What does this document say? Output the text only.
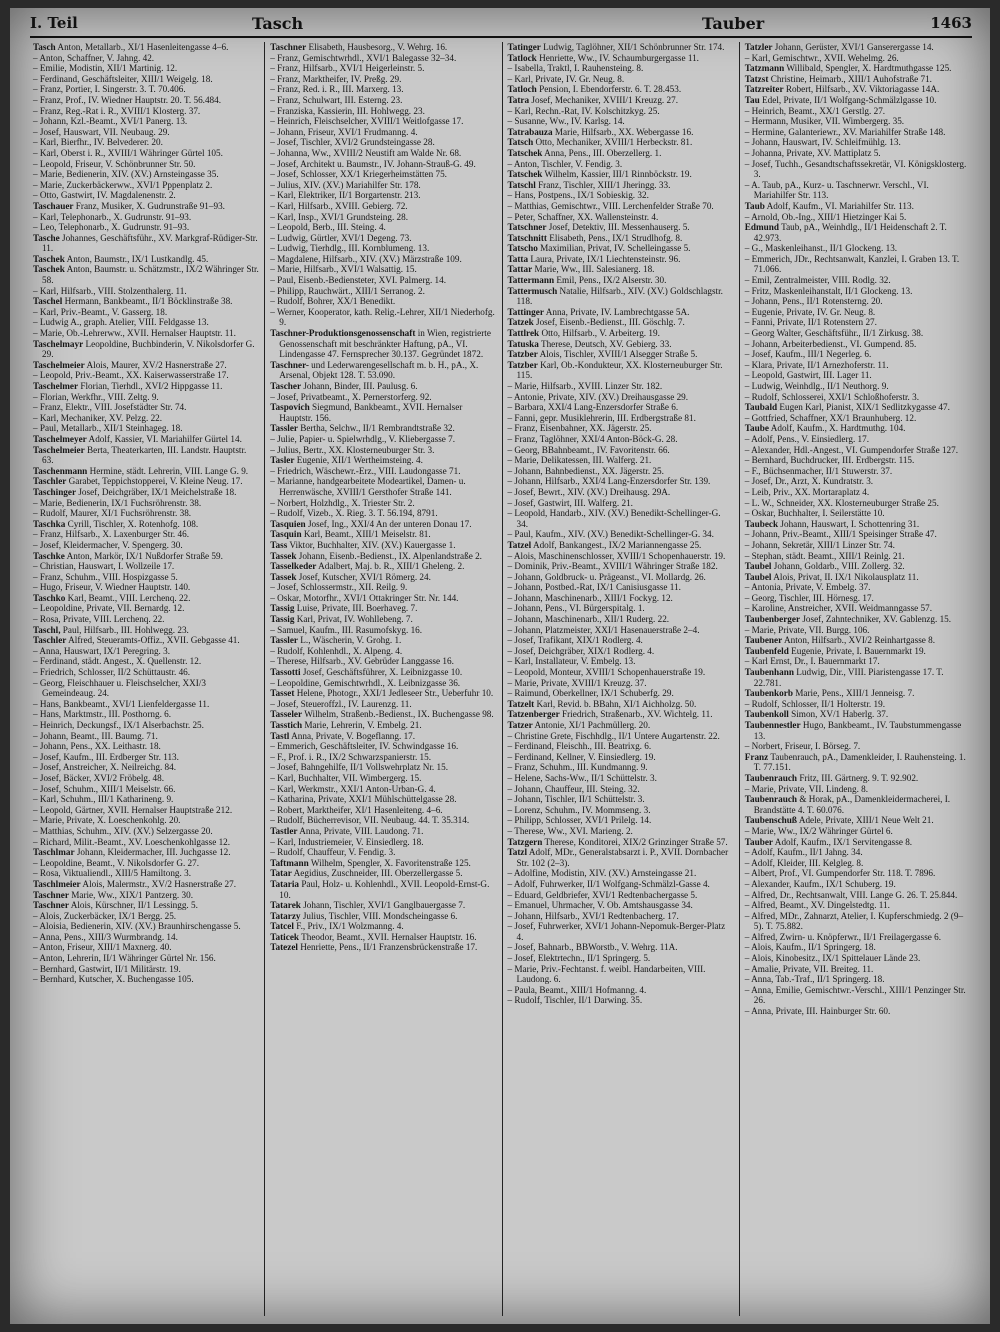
I. Teil	Tasch	Tauber	1463

Tasch Anton, Metallarb., XI/1 Hasenleitengasse 4–6.

– Anton, Schaffner, V. Jahng. 42.

– Emilie, Modistin, XII/1 Martinig. 12.

– Ferdinand, Geschäftsleiter, XIII/1 Weigelg. 18.

– Franz, Portier, I. Singerstr. 3. T. 70.406.

– Franz, Prof., IV. Wiedner Hauptstr. 20. T. 56.484.

– Franz, Reg.-Rat i. R., XVIII/1 Klosterg. 37.

– Johann, Kzl.-Beamt., XVI/1 Panerg. 13.

– Josef, Hauswart, VII. Neubaug. 29.

– Karl, Bierfhr., IV. Belvederег. 20.

– Karl, Oberst i. R., XVIII/1 Währinger Gürtel 105.

– Leopold, Friseur, V. Schönbrunner Str. 50.

– Marie, Bedienerin, XIV. (XV.) Arnsteingasse 35.

– Marie, Zuckerbäckerww., XVI/1 Pppenplatz 2.

– Otto, Gastwirt, IV. Magdalenenstr. 2.

Taschauer Franz, Musiker, X. Gudrunstraße 91–93.

– Karl, Telephonarb., X. Gudrunstr. 91–93.

– Leo, Telephonarb., X. Gudrunstr. 91–93.

Tasche Johannes, Geschäftsführ., XV. Markgraf-Rüdiger-Str. 11.

Taschek Anton, Baumstr., IX/1 Lustkandlg. 45.

Taschek Anton, Baumstr. u. Schätzmstr., IX/2 Währinger Str. 58.

– Karl, Hilfsarb., VIII. Stolzenthalerg. 11.

Taschel Hermann, Bankbeamt., II/1 Böcklinstraße 38.

– Karl, Priv.-Beamt., V. Gasserg. 18.

– Ludwig A., graph. Atelier, VIII. Feldgasse 13.

– Marie, Ob.-Lehrerww., XVII. Hernalser Hauptstr. 11.

Taschelmayr Leopoldine, Buchbinderin, V. Nikolsdorfer G. 29.

Taschelmeier Alois, Maurer, XV/2 Hasnerstraße 27.

– Leopold, Priv.-Beamt., XX. Kaiserwasserstraße 17.

Taschelmer Florian, Tierhdl., XVI/2 Hippgasse 11.

– Florian, Werkfhr., VIII. Zeltg. 9.

– Franz, Elektr., VIII. Josefstädter Str. 74.

– Karl, Mechaniker, XV. Pelzg. 22.

– Paul, Metallarb., XII/1 Steinhageg. 18.

Taschelmeyer Adolf, Kassier, VI. Mariahilfer Gürtel 14.

Taschelmeier Berta, Theaterkarten, III. Landstr. Hauptstr. 63.

Taschenmann Hermine, städt. Lehrerin, VIII. Lange G. 9.

Taschler Garabet, Teppichstopperei, V. Kleine Neug. 17.

Taschinger Josef, Deichgräber, IX/1 Meichelstraße 18.

– Marie, Bedienerin, IX/1 Fuchsröhrenstr. 38.

– Rudolf, Maurer, XI/1 Fuchsröhrenstr. 38.

Taschka Cyrill, Tischler, X. Rotenhofg. 108.

– Franz, Hilfsarb., X. Laxenburger Str. 46.

– Josef, Kleidermacher, V. Spengerg. 30.

Taschke Anton, Markör, IX/1 Nußdorfer Straße 59.

– Christian, Hauswart, I. Wollzeile 17.

– Franz, Schuhm., VIII. Hospizgasse 5.

– Hugo, Friseur, V. Wiedner Hauptstr. 140.

Taschko Karl, Beamt., VIII. Lerchenq. 22.

– Leopoldine, Private, VII. Bernardg. 12.

– Rosa, Private, VIII. Lerchenq. 22.

Taschl, Paul, Hilfsarb., III. Hohlwegg. 23.

Taschler Alfred, Steueramts-Offiz., XVII. Gebgasse 41.

– Anna, Hauswart, IX/1 Peregring. 3.

– Ferdinand, städt. Angest., X. Quellenstr. 12.

– Friedrich, Schlosser, II/2 Schüttaustr. 46.

– Georg, Fleischhauer u. Fleischselcher, XXI/3 Gemeindeaug. 24.

– Hans, Bankbeamt., XVI/1 Lienfeldergasse 11.

– Hans, Marktmstr., III. Posthorng. 6.

– Heinrich, Deckungsf., IX/1 Alserbachstr. 25.

– Johann, Beamt., III. Baumg. 71.

– Johann, Pens., XX. Leithastr. 18.

– Josef, Kaufm., III. Erdberger Str. 113.

– Josef, Anstreicher, X. Neilreichg. 84.

– Josef, Bäcker, XVI/2 Fröbelg. 48.

– Josef, Schuhm., XIII/1 Meiselstr. 66.

– Karl, Schuhm., III/1 Katharineng. 9.

– Leopold, Gärtner, XVII. Hernalser Hauptstraße 212.

– Marie, Private, X. Loeschenkohlg. 20.

– Matthias, Schuhm., XIV. (XV.) Selzergasse 20.

– Richard, Milit.-Beamt., XV. Loeschenkohlgasse 12.

Taschlmar Johann, Kleidermacher, III. Juchgasse 12.

– Leopoldine, Beamt., V. Nikolsdorfer G. 27.

– Rosa, Viktualiendl., XIII/5 Hamiltong. 3.

Taschlmeier Alois, Malermstr., XV/2 Hasnerstraße 27.

Taschner Marie, Ww., XIX/1 Pantzerg. 30.

Taschner Alois, Kürschner, II/1 Lessingg. 5.

– Alois, Zuckerbäcker, IX/1 Bergg. 25.

– Aloisia, Bedienerin, XIV. (XV.) Braunhirschengasse 5.

– Anna, Pens., XIII/3 Wurmbrandg. 14.

– Anton, Friseur, XIII/1 Maxnerg. 40.

– Anton, Lehrerin, II/1 Währinger Gürtel Nr. 156.

– Bernhard, Gastwirt, II/1 Militärstr. 19.

– Bernhard, Kutscher, X. Buchengasse 105.

Taschner Elisabeth, Hausbesorg., V. Wehrg. 16.

– Franz, Gemischtwrhdl., XVI/1 Balegasse 32–34.

– Franz, Hilfsarb., XVI/1 Heigerleinstr. 5.

– Franz, Marktheifer, IV. Preßg. 29.

– Franz, Red. i. R., III. Marxerg. 13.

– Franz, Schulwart, III. Esterng. 23.

– Franziska, Kassierin, III. Hohlwegg. 23.

– Heinrich, Fleischselcher, XVIII/1 Weitlofgasse 17.

– Johann, Friseur, XVI/1 Frudmanng. 4.

– Josef, Tischler, XVI/2 Grundsteingasse 28.

– Johanna, Ww., XVIII/2 Neustift am Walde Nr. 68.

– Josef, Architekt u. Baumstr., IV. Johann-Strauß-G. 49.

– Josef, Schlosser, XX/1 Kriegerheimstätten 75.

– Julius, XIV. (XV.) Mariahilfer Str. 178.

– Karl, Elektriker, II/1 Borgartenstr. 213.

– Karl, Hilfsarb., XVIII. Gebierg. 72.

– Karl, Insp., XVI/1 Grundsteing. 28.

– Leopold, Berb., III. Steing. 4.

– Ludwig, Gürtler, XVI/1 Degeng. 73.

– Ludwig, Tierhdlg., III. Kornblumeng. 13.

– Magdalene, Hilfsarb., XIV. (XV.) Märzstraße 109.

– Marie, Hilfsarb., XVI/1 Walsattig. 15.

– Paul, Eisenb.-Bediensteter, XVI. Palmerg. 14.

– Philipp, Rauchwärt., XIII/1 Serranog. 2.

– Rudolf, Bohrer, XX/1 Benedikt.

– Werner, Kooperator, kath. Relig.-Lehrer, XII/1 Niederhofg. 9.

Taschner-Produktionsgenossenschaft in Wien, registrierte Genossenschaft mit beschränkter Haftung, pA., VI. Lindengasse 47. Fernsprecher 30.137. Gegründet 1872.

Taschner- und Lederwarengesellschaft m. b. H., pA., X. Arsenal, Objekt 128. T. 53.090.

Tascher Johann, Binder, III. Paulusg. 6.

– Josef, Privatbeamt., X. Pernerstorferg. 92.

Taspovich Siegmund, Bankbeamt., XVII. Hernalser Hauptstr. 156.

Tassler Bertha, Selchw., II/1 Rembrandtstraße 32.

– Julie, Papier- u. Spielwrhdlg., V. Kliebergasse 7.

– Julius, Bertr., XX. Klosterneuburger Str. 3.

Tasler Eugenie, XII/1 Wertheimsteing. 4.

– Friedrich, Wäschewr.-Erz., VIII. Laudongasse 71.

– Marianne, handgearbeitete Modeartikel, Damen- u. Herrenwäsche, XVIII/1 Gersthofer Straße 141.

– Norbert, Holzhdlg., X. Triester Str. 2.

– Rudolf, Vizeb., X. Rieg. 3. T. 56.194, 8791.

Tasquien Josef, Ing., XXI/4 An der unteren Donau 17.

Tasquin Karl, Beamt., XIII/1 Meiselstr. 81.

Tass Viktor, Buchhalter, XIV. (XV.) Kauergasse 1.

Tassek Johann, Eisenb.-Bedienst., IX. Alpenlandstraße 2.

Tasselkeder Adalbert, Maj. b. R., XIII/1 Gheleng. 2.

Tassek Josef, Kutscher, XVI/1 Römerg. 24.

– Josef, Schlossermstr., XII. Reilg. 9.

– Oskar, Motorfhr., XVI/1 Ottakringer Str. Nr. 144.

Tassig Luise, Private, III. Boerhaveg. 7.

Tassig Karl, Privat, IV. Wohllebeng. 7.

– Samuel, Kaufm., III. Rasumofskyg. 16.

Tassler L., Wäscherin, V. Grohg. 1.

– Rudolf, Kohlenhdl., X. Alpeng. 4.

– Therese, Hilfsarb., XV. Gebrüder Langgasse 16.

Tassotti Josef, Geschäftsführer, X. Leibnizgasse 10.

– Leopoldine, Gemischtwrhdl., X. Leibnizgasse 36.

Tasset Helene, Photogr., XXI/1 Jedleseer Str., Ueberfuhr 10.

– Josef, Steueroffzl., IV. Laurenzg. 11.

Tasseler Wilhelm, Straßenb.-Bedienst., IX. Buchengasse 98.

Tasstich Marie, Lehrerin, V. Embelg. 21.

Tastl Anna, Private, V. Bogeflanng. 17.

– Emmerich, Geschäftsleiter, IV. Schwindgasse 16.

– F., Prof. i. R., IX/2 Schwarzspanierstr. 15.

– Josef, Bahngehilfe, II/1 Vollswehrplatz Nr. 15.

– Karl, Buchhalter, VII. Wimbergerg. 15.

– Karl, Werkmstr., XXI/1 Anton-Urban-G. 4.

– Katharina, Private, XXI/1 Mühlschüttelgasse 28.

– Robert, Marktheifer, XI/1 Hasenleiteng. 4–6.

– Rudolf, Bücherrevisor, VII. Neubaug. 44. T. 35.314.

Tastler Anna, Private, VIII. Laudong. 71.

– Karl, Industriemeier, V. Einsiedlerg. 18.

– Rudolf, Chauffeur, V. Fendig. 3.

Taftmann Wilhelm, Spengler, X. Favoritenstraße 125.

Tatar Aegidius, Zuschneider, III. Oberzellergasse 5.

Tataria Paul, Holz- u. Kohlenhdl., XVII. Leopold-Ernst-G. 10.

Tatarek Johann, Tischler, XVI/1 Ganglbauergasse 7.

Tatarzy Julius, Tischler, VIII. Mondscheingasse 6.

Tatcel F., Priv., IX/1 Wolzmanng. 4.

Taticek Theodor, Beamt., XVII. Hernalser Hauptstr. 16.

Tatezel Henriette, Pens., II/1 Franzensbrückenstraße 17.

Tatinger Ludwig, Taglöhner, XII/1 Schönbrunner Str. 174.

Tatlock Henriette, Ww., IV. Schaumburgergasse 11.

– Isabella, Traktl, I. Rauhensteing. 8.

– Karl, Private, IV. Gr. Neug. 8.

Tatloch Pension, I. Ebendorferstr. 6. T. 28.453.

Tatra Josef, Mechaniker, XVIII/1 Kreuzg. 27.

– Karl, Rechn.-Rat, IV. Kolschitzkyg. 25.

– Susanne, Ww., IV. Karlsg. 14.

Tatrabauza Marie, Hilfsarb., XX. Webergasse 16.

Tatsch Otto, Mechaniker, XVIII/1 Herbeckstr. 81.

Tatschek Anna, Pens., III. Oberzellerg. 1.

– Anton, Tischler, V. Fendig. 3.

Tatschek Wilhelm, Kassier, III/1 Rinnböckstr. 19.

Tatschl Franz, Tischler, XIII/1 Jheringg. 33.

– Hans, Postpens., IX/1 Sobieskig. 32.

– Matthias, Gemischtwr., VIII. Lerchenfelder Straße 70.

– Peter, Schaffner, XX. Wallensteinstr. 4.

Tatschner Josef, Detektiv, III. Messenhauserg. 5.

Tatschnitt Elisabeth, Pens., IX/1 Strudlhofg. 8.

Tatscho Maximilian, Privat, IV. Schelleingasse 5.

Tatta Laura, Private, IX/1 Liechtensteinstr. 96.

Tattar Marie, Ww., III. Salesianerg. 18.

Tattermann Emil, Pens., IX/2 Alserstr. 30.

Tattermusch Natalie, Hilfsarb., XIV. (XV.) Goldschlagstr. 118.

Tattinger Anna, Private, IV. Lambrechtgasse 5A.

Tatzek Josef, Eisenb.-Bedienst., III. Göschlg. 7.

Tattlrek Otto, Hilfsarb., V. Arbeiterg. 19.

Tatuska Therese, Deutsch, XV. Gebierg. 33.

Tatzber Alois, Tischler, XVIII/1 Alsegger Straße 5.

Tatzber Karl, Ob.-Kondukteur, XX. Klosterneuburger Str. 115.

– Marie, Hilfsarb., XVIII. Linzer Str. 182.

– Antonie, Private, XIV. (XV.) Dreihausgasse 29.

– Barbara, XXI/4 Lang-Enzersdorfer Straße 6.

– Fanni, gepr. Musiklehrerin, III. Erdbergstraße 81.

– Franz, Eisenbahner, XX. Jägerstr. 25.

– Franz, Taglöhner, XXI/4 Anton-Böck-G. 28.

– Georg, BBahnbeamt., IV. Favoritenstr. 66.

– Marie, Delikatessen, III. Walferg. 21.

– Johann, Bahnbedienst., XX. Jägerstr. 25.

– Johann, Hilfsarb., XXI/4 Lang-Enzersdorfer Str. 139.

– Josef, Bewrt., XIV. (XV.) Dreihausg. 29A.

– Josef, Gastwirt, III. Walferg. 21.

– Leopold, Handarb., XIV. (XV.) Benedikt-Schellinger-G. 34.

– Paul, Kaufm., XIV. (XV.) Benedikt-Schellinger-G. 34.

Tatzel Adolf, Bankangest., IX/2 Mariannengasse 25.

– Alois, Maschinenschlosser, XVIII/1 Schopenhauerstr. 19.

– Dominik, Priv.-Beamt., XVIII/1 Währinger Straße 182.

– Johann, Goldbruck- u. Prägeanst., VI. Mollardg. 26.

– Johann, Postbed.-Rat, IX/1 Canisiusgasse 11.

– Johann, Maschinenarb., XIII/1 Fockyg. 12.

– Johann, Pens., VI. Bürgerspitalg. 1.

– Johann, Maschinenarb., XII/1 Ruderg. 22.

– Johann, Platzmeister, XXI/1 Hasenauerstraße 2–4.

– Josef, Trafikant, XIX/1 Rodlerg. 4.

– Josef, Deichgräber, XIX/1 Rodlerg. 4.

– Karl, Installateur, V. Embelg. 13.

– Leopold, Monteur, XVIII/1 Schopenhauerstraße 19.

– Marie, Private, XVIII/1 Kreuzg. 37.

– Raimund, Oberkellner, IX/1 Schuberfg. 29.

Tatzelt Karl, Revid. b. BBahn, XI/1 Aichholzg. 50.

Tatzenberger Friedrich, Straßenarb., XV. Wichtelg. 11.

Tatzer Antonie, XI/1 Pachmüllerg. 20.

– Christine Grete, Fischhdlg., II/1 Untere Augartenstr. 22.

– Ferdinand, Fleischh., III. Beatrixg. 6.

– Ferdinand, Kellner, V. Einsiedlerg. 19.

– Franz, Schuhm., III. Kundmanng. 9.

– Helene, Sachs-Ww., II/1 Schüttelstr. 3.

– Johann, Chauffeur, III. Steing. 32.

– Johann, Tischler, II/1 Schüttelstr. 3.

– Lorenz, Schuhm., IV. Mommseng. 3.

– Philipp, Schlosser, XVI/1 Prilelg. 14.

– Therese, Ww., XVI. Marieng. 2.

Tatzgern Therese, Konditorei, XIX/2 Grinzinger Straße 57.

Tatzl Adolf, MDr., Generalstabsarzt i. P., XVII. Dornbacher Str. 102 (2–3).

– Adolfine, Modistin, XIV. (XV.) Arnsteingasse 21.

– Adolf, Fuhrwerker, II/1 Wolfgang-Schmälzl-Gasse 4.

– Eduard, Geldbriefer, XVI/1 Redtenbachergasse 5.

– Emanuel, Uhrmacher, V. Ob. Amtshausgasse 34.

– Johann, Hilfsarb., XVI/1 Redtenbacherg. 17.

– Josef, Fuhrwerker, XVI/1 Johann-Nepomuk-Berger-Platz 4.

– Josef, Bahnarb., BBWorstb., V. Wehrg. 11A.

– Josef, Elektrtechn., II/1 Springerg. 5.

– Marie, Priv.-Fechtanst. f. weibl. Handarbeiten, VIII. Laudong. 6.

– Paula, Beamt., XIII/1 Hofmanng. 4.

– Rudolf, Tischler, II/1 Darwing. 35.

Tatzler Johann, Gerüster, XVI/1 Ganserergasse 14.

– Karl, Gemischtwr., XVII. Wehelmg. 26.

Tatzmann Willibald, Spengler, X. Hardtmuthgasse 125.

Tatzst Christine, Heimarb., XIII/1 Auhofstraße 71.

Tatzreiter Robert, Hilfsarb., XV. Viktoriagasse 14A.

Tau Edel, Private, II/1 Wolfgang-Schmälzlgasse 10.

– Heinrich, Beamt., XX/1 Gerstlg. 27.

– Hermann, Musiker, VII. Wimbergerg. 35.

– Hermine, Galanteriewr., XV. Mariahilfer Straße 148.

– Johann, Hauswart, IV. Schleifmühlg. 13.

– Johanna, Private, XV. Mattiplatz 5.

– Josef, Tuchh., Gesandtschaftssekretär, VI. Königsklosterg. 3.

– A. Taub, pA., Kurz- u. Taschnerwr. Verschl., VI. Mariahilfer Str. 113.

Taub Adolf, Kaufm., VI. Mariahilfer Str. 113.

– Arnold, Ob.-Ing., XIII/1 Hietzinger Kai 5.

Edmund Taub, pA., Weinhdlg., II/1 Heidenschaft 2. T. 42.973.

– G., Maskenleihanst., II/1 Glockeng. 13.

– Emmerich, JDr., Rechtsanwalt, Kanzlei, I. Graben 13. T. 71.066.

– Emil, Zentralmeister, VIII. Rodlg. 32.

– Fritz, Maskenleihanstalt, II/1 Glockeng. 13.

– Johann, Pens., II/1 Rotensterng. 20.

– Eugenie, Private, IV. Gr. Neug. 8.

– Fanni, Private, II/1 Rotenstern 27.

– Georg Walter, Geschäftsführ., II/1 Zirkusg. 38.

– Johann, Arbeiterbedienst., VI. Gumpend. 85.

– Josef, Kaufm., III/1 Negerleg. 6.

– Klara, Private, II/1 Arnezhoferstr. 11.

– Leopold, Gastwirt, III. Lager 11.

– Ludwig, Weinhdlg., II/1 Neuthorg. 9.

– Rudolf, Schlosserei, XXI/1 Schloßhoferstr. 3.

Taubald Eugen Karl, Pianist, XIX/1 Sedlitzkygasse 47.

– Gottfried, Schaffner, XX/1 Braunhuberg. 12.

Taube Adolf, Kaufm., X. Hardtmuthg. 104.

– Adolf, Pens., V. Einsiedlerg. 17.

– Alexander, Hdl.-Angest., VI. Gumpendorfer Straße 127.

– Bernhard, Buchdrucker, III. Erdbergstr. 115.

– F., Büchsenmacher, II/1 Stuwerstr. 37.

– Josef, Dr., Arzt, X. Kundratstr. 3.

– Leib, Priv., XX. Mortaraplatz 4.

– L. W., Schneider, XX. Klosterneuburger Straße 25.

– Oskar, Buchhalter, I. Seilerstätte 10.

Taubeck Johann, Hauswart, I. Schottenring 31.

– Johann, Priv.-Beamt., XIII/1 Speisinger Straße 47.

– Johann, Sekretär, XIII/1 Linzer Str. 74.

– Stephan, städt. Beamt., XIII/1 Reinlg. 21.

Taubel Johann, Goldarb., VIII. Zollerg. 32.

Taubel Alois, Privat, II. IX/1 Nikolausplatz 11.

– Antonia, Private, V. Embelg. 37.

– Georg, Tischler, III. Hörnesg. 17.

– Karoline, Anstreicher, XVII. Weidmanngasse 57.

Taubenberger Josef, Zahntechniker, XV. Gablenzg. 15.

– Marie, Private, VII. Burgg. 106.

Taubener Anton, Hilfsarb., XVI/2 Reinhartgasse 8.

Taubenfeld Eugenie, Private, I. Bauernmarkt 19.

– Karl Ernst, Dr., I. Bauernmarkt 17.

Taubenhann Ludwig, Dir., VIII. Piaristengasse 17. T. 22.781.

Taubenkorb Marie, Pens., XIII/1 Jenneisg. 7.

– Rudolf, Schlosser, II/1 Holterstr. 19.

Taubenkoll Simon, XV/1 Haberlg. 37.

Taubennestler Hugo, Bankbeamt., IV. Taubstummengasse 13.

– Norbert, Friseur, I. Börseg. 7.

Franz Taubenrauch, pA., Damenkleider, I. Rauhensteing. 1. T. 77.151.

Taubenrauch Fritz, III. Gärtnerg. 9. T. 92.902.

– Marie, Private, VII. Lindeng. 8.

Taubenrauch & Horak, pA., Damenkleidermacherei, I. Brandstätte 4. T. 60.076.

Taubenschuß Adele, Private, XIII/1 Neue Welt 21.

– Marie, Ww., IX/2 Währinger Gürtel 6.

Tauber Adolf, Kaufm., IX/1 Servitengasse 8.

– Adolf, Kaufm., II/1 Jahng. 34.

– Adolf, Kleider, III. Kelgleg. 8.

– Albert, Prof., VI. Gumpendorfer Str. 118. T. 7896.

– Alexander, Kaufm., IX/1 Schuberg. 19.

– Alfred, Dr., Rechtsanwalt, VIII. Lange G. 26. T. 25.844.

– Alfred, Beamt., XV. Dingelstedtg. 11.

– Alfred, MDr., Zahnarzt, Atelier, I. Kupferschmiedg. 2 (9–5). T. 75.882.

– Alfred, Zwirn- u. Knöpferwr., II/1 Freilagergasse 6.

– Alois, Kaufm., II/1 Springerg. 18.

– Alois, Kinobesitz., IX/1 Spittelauer Lände 23.

– Amalie, Private, VII. Breiteg. 11.

– Anna, Tab.-Traf., II/1 Springerg. 18.

– Anna, Emilie, Gemischtwr.-Verschl., XIII/1 Penzinger Str. 26.

– Anna, Private, III. Hainburger Str. 60.
